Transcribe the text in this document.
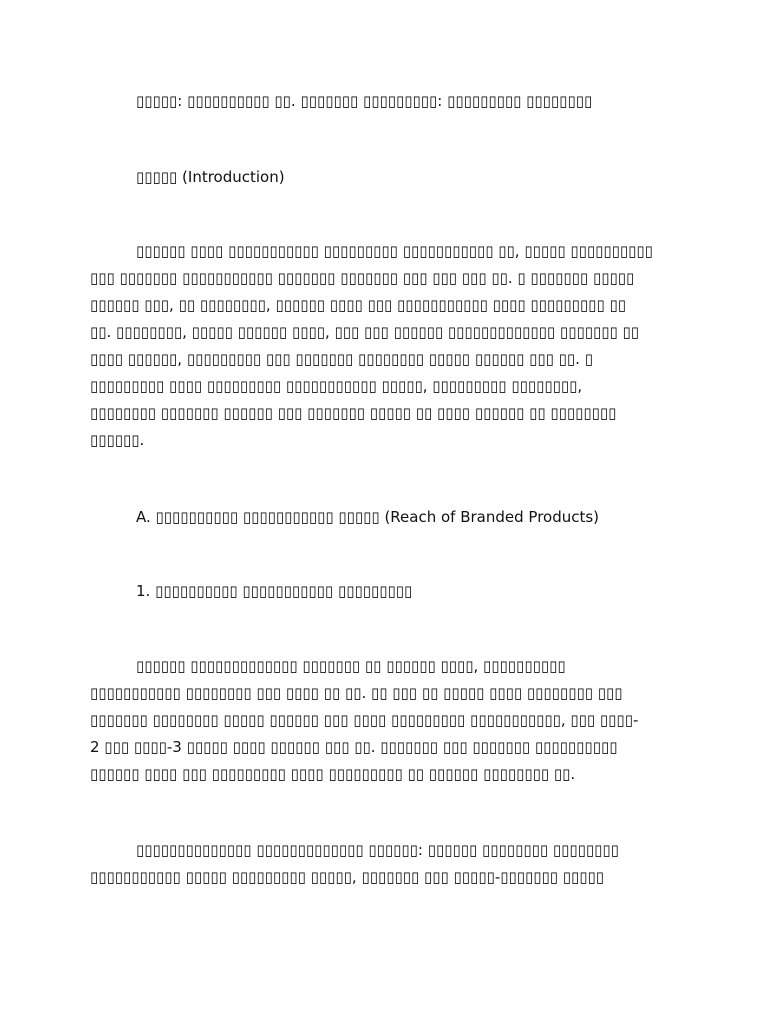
▯▯▯▯▯: ▯▯▯▯▯▯▯▯▯▯ ▯▯. ▯▯▯▯▯▯▯ ▯▯▯▯▯▯▯▯▯: ▯▯▯▯▯▯▯▯▯ ▯▯▯▯▯▯▯▯
▯▯▯▯▯ (Introduction)
▯▯▯▯▯▯ ▯▯▯▯ ▯▯▯▯▯▯▯▯▯▯▯ ▯▯▯▯▯▯▯▯▯ ▯▯▯▯▯▯▯▯▯▯▯ ▯▯, ▯▯▯▯▯ ▯▯▯▯▯▯▯▯▯▯
▯▯▯ ▯▯▯▯▯▯▯ ▯▯▯▯▯▯▯▯▯▯▯ ▯▯▯▯▯▯▯ ▯▯▯▯▯▯▯ ▯▯▯ ▯▯▯ ▯▯▯ ▯▯. ▯ ▯▯▯▯▯▯▯ ▯▯▯▯▯
▯▯▯▯▯▯ ▯▯▯, ▯▯ ▯▯▯▯▯▯▯▯, ▯▯▯▯▯▯ ▯▯▯▯ ▯▯▯ ▯▯▯▯▯▯▯▯▯▯▯ ▯▯▯▯ ▯▯▯▯▯▯▯▯▯ ▯▯
▯▯. ▯▯▯▯▯▯▯▯, ▯▯▯▯▯ ▯▯▯▯▯▯ ▯▯▯▯, ▯▯▯ ▯▯▯ ▯▯▯▯▯▯ ▯▯▯▯▯▯▯▯▯▯▯▯▯ ▯▯▯▯▯▯▯ ▯▯
▯▯▯▯ ▯▯▯▯▯▯, ▯▯▯▯▯▯▯▯▯ ▯▯▯ ▯▯▯▯▯▯▯ ▯▯▯▯▯▯▯▯ ▯▯▯▯▯ ▯▯▯▯▯▯ ▯▯▯ ▯▯. ▯
▯▯▯▯▯▯▯▯▯ ▯▯▯▯ ▯▯▯▯▯▯▯▯▯ ▯▯▯▯▯▯▯▯▯▯▯ ▯▯▯▯▯, ▯▯▯▯▯▯▯▯▯ ▯▯▯▯▯▯▯▯,
▯▯▯▯▯▯▯▯ ▯▯▯▯▯▯▯ ▯▯▯▯▯▯ ▯▯▯ ▯▯▯▯▯▯▯ ▯▯▯▯▯ ▯▯ ▯▯▯▯ ▯▯▯▯▯▯ ▯▯ ▯▯▯▯▯▯▯▯
▯▯▯▯▯▯.
A. ▯▯▯▯▯▯▯▯▯▯ ▯▯▯▯▯▯▯▯▯▯▯ ▯▯▯▯▯ (Reach of Branded Products)
1. ▯▯▯▯▯▯▯▯▯▯ ▯▯▯▯▯▯▯▯▯▯▯ ▯▯▯▯▯▯▯▯▯
▯▯▯▯▯▯ ▯▯▯▯▯▯▯▯▯▯▯▯▯ ▯▯▯▯▯▯▯ ▯▯ ▯▯▯▯▯▯ ▯▯▯▯, ▯▯▯▯▯▯▯▯▯▯
▯▯▯▯▯▯▯▯▯▯▯ ▯▯▯▯▯▯▯▯ ▯▯▯ ▯▯▯▯ ▯▯ ▯▯. ▯▯ ▯▯▯ ▯▯ ▯▯▯▯▯ ▯▯▯▯ ▯▯▯▯▯▯▯▯ ▯▯▯
▯▯▯▯▯▯▯ ▯▯▯▯▯▯▯▯ ▯▯▯▯▯ ▯▯▯▯▯▯ ▯▯▯ ▯▯▯▯ ▯▯▯▯▯▯▯▯▯ ▯▯▯▯▯▯▯▯▯▯▯, ▯▯▯ ▯▯▯▯-
2 ▯▯▯ ▯▯▯▯-3 ▯▯▯▯▯ ▯▯▯▯ ▯▯▯▯▯▯ ▯▯▯ ▯▯. ▯▯▯▯▯▯▯ ▯▯▯ ▯▯▯▯▯▯▯ ▯▯▯▯▯▯▯▯▯▯
▯▯▯▯▯▯ ▯▯▯▯ ▯▯▯ ▯▯▯▯▯▯▯▯▯ ▯▯▯▯ ▯▯▯▯▯▯▯▯▯ ▯▯ ▯▯▯▯▯▯ ▯▯▯▯▯▯▯▯ ▯▯.
▯▯▯▯▯▯▯▯▯▯▯▯▯▯ ▯▯▯▯▯▯▯▯▯▯▯▯▯ ▯▯▯▯▯▯: ▯▯▯▯▯▯ ▯▯▯▯▯▯▯▯ ▯▯▯▯▯▯▯▯
▯▯▯▯▯▯▯▯▯▯▯ ▯▯▯▯▯ ▯▯▯▯▯▯▯▯▯ ▯▯▯▯▯, ▯▯▯▯▯▯▯ ▯▯▯ ▯▯▯▯▯-▯▯▯▯▯▯▯ ▯▯▯▯▯
